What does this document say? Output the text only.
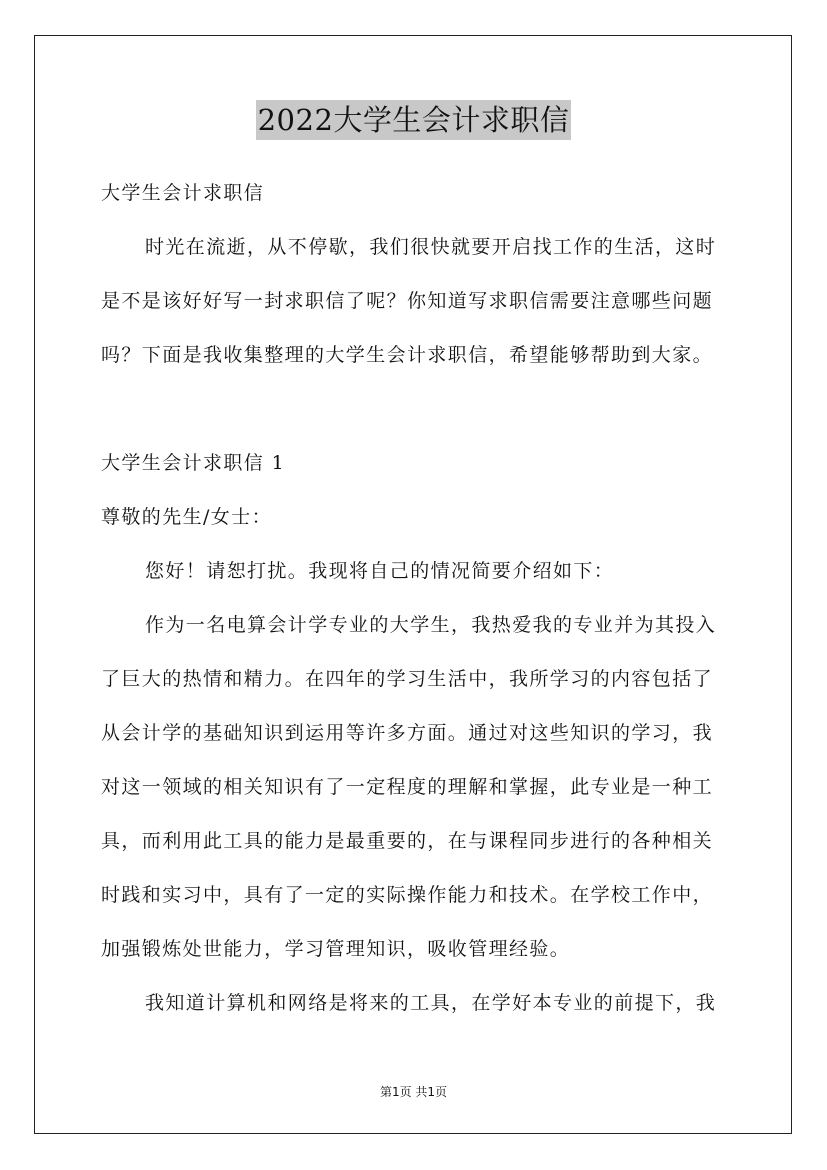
2022大学生会计求职信
大学生会计求职信
时光在流逝，从不停歇，我们很快就要开启找工作的生活，这时
是不是该好好写一封求职信了呢？你知道写求职信需要注意哪些问题
吗？下面是我收集整理的大学生会计求职信，希望能够帮助到大家。
大学生会计求职信 1
尊敬的先生/女士：
您好！请恕打扰。我现将自己的情况简要介绍如下：
作为一名电算会计学专业的大学生，我热爱我的专业并为其投入
了巨大的热情和精力。在四年的学习生活中，我所学习的内容包括了
从会计学的基础知识到运用等许多方面。通过对这些知识的学习，我
对这一领域的相关知识有了一定程度的理解和掌握，此专业是一种工
具，而利用此工具的能力是最重要的，在与课程同步进行的各种相关
时践和实习中，具有了一定的实际操作能力和技术。在学校工作中，
加强锻炼处世能力，学习管理知识，吸收管理经验。
我知道计算机和网络是将来的工具，在学好本专业的前提下，我
第1页 共1页
